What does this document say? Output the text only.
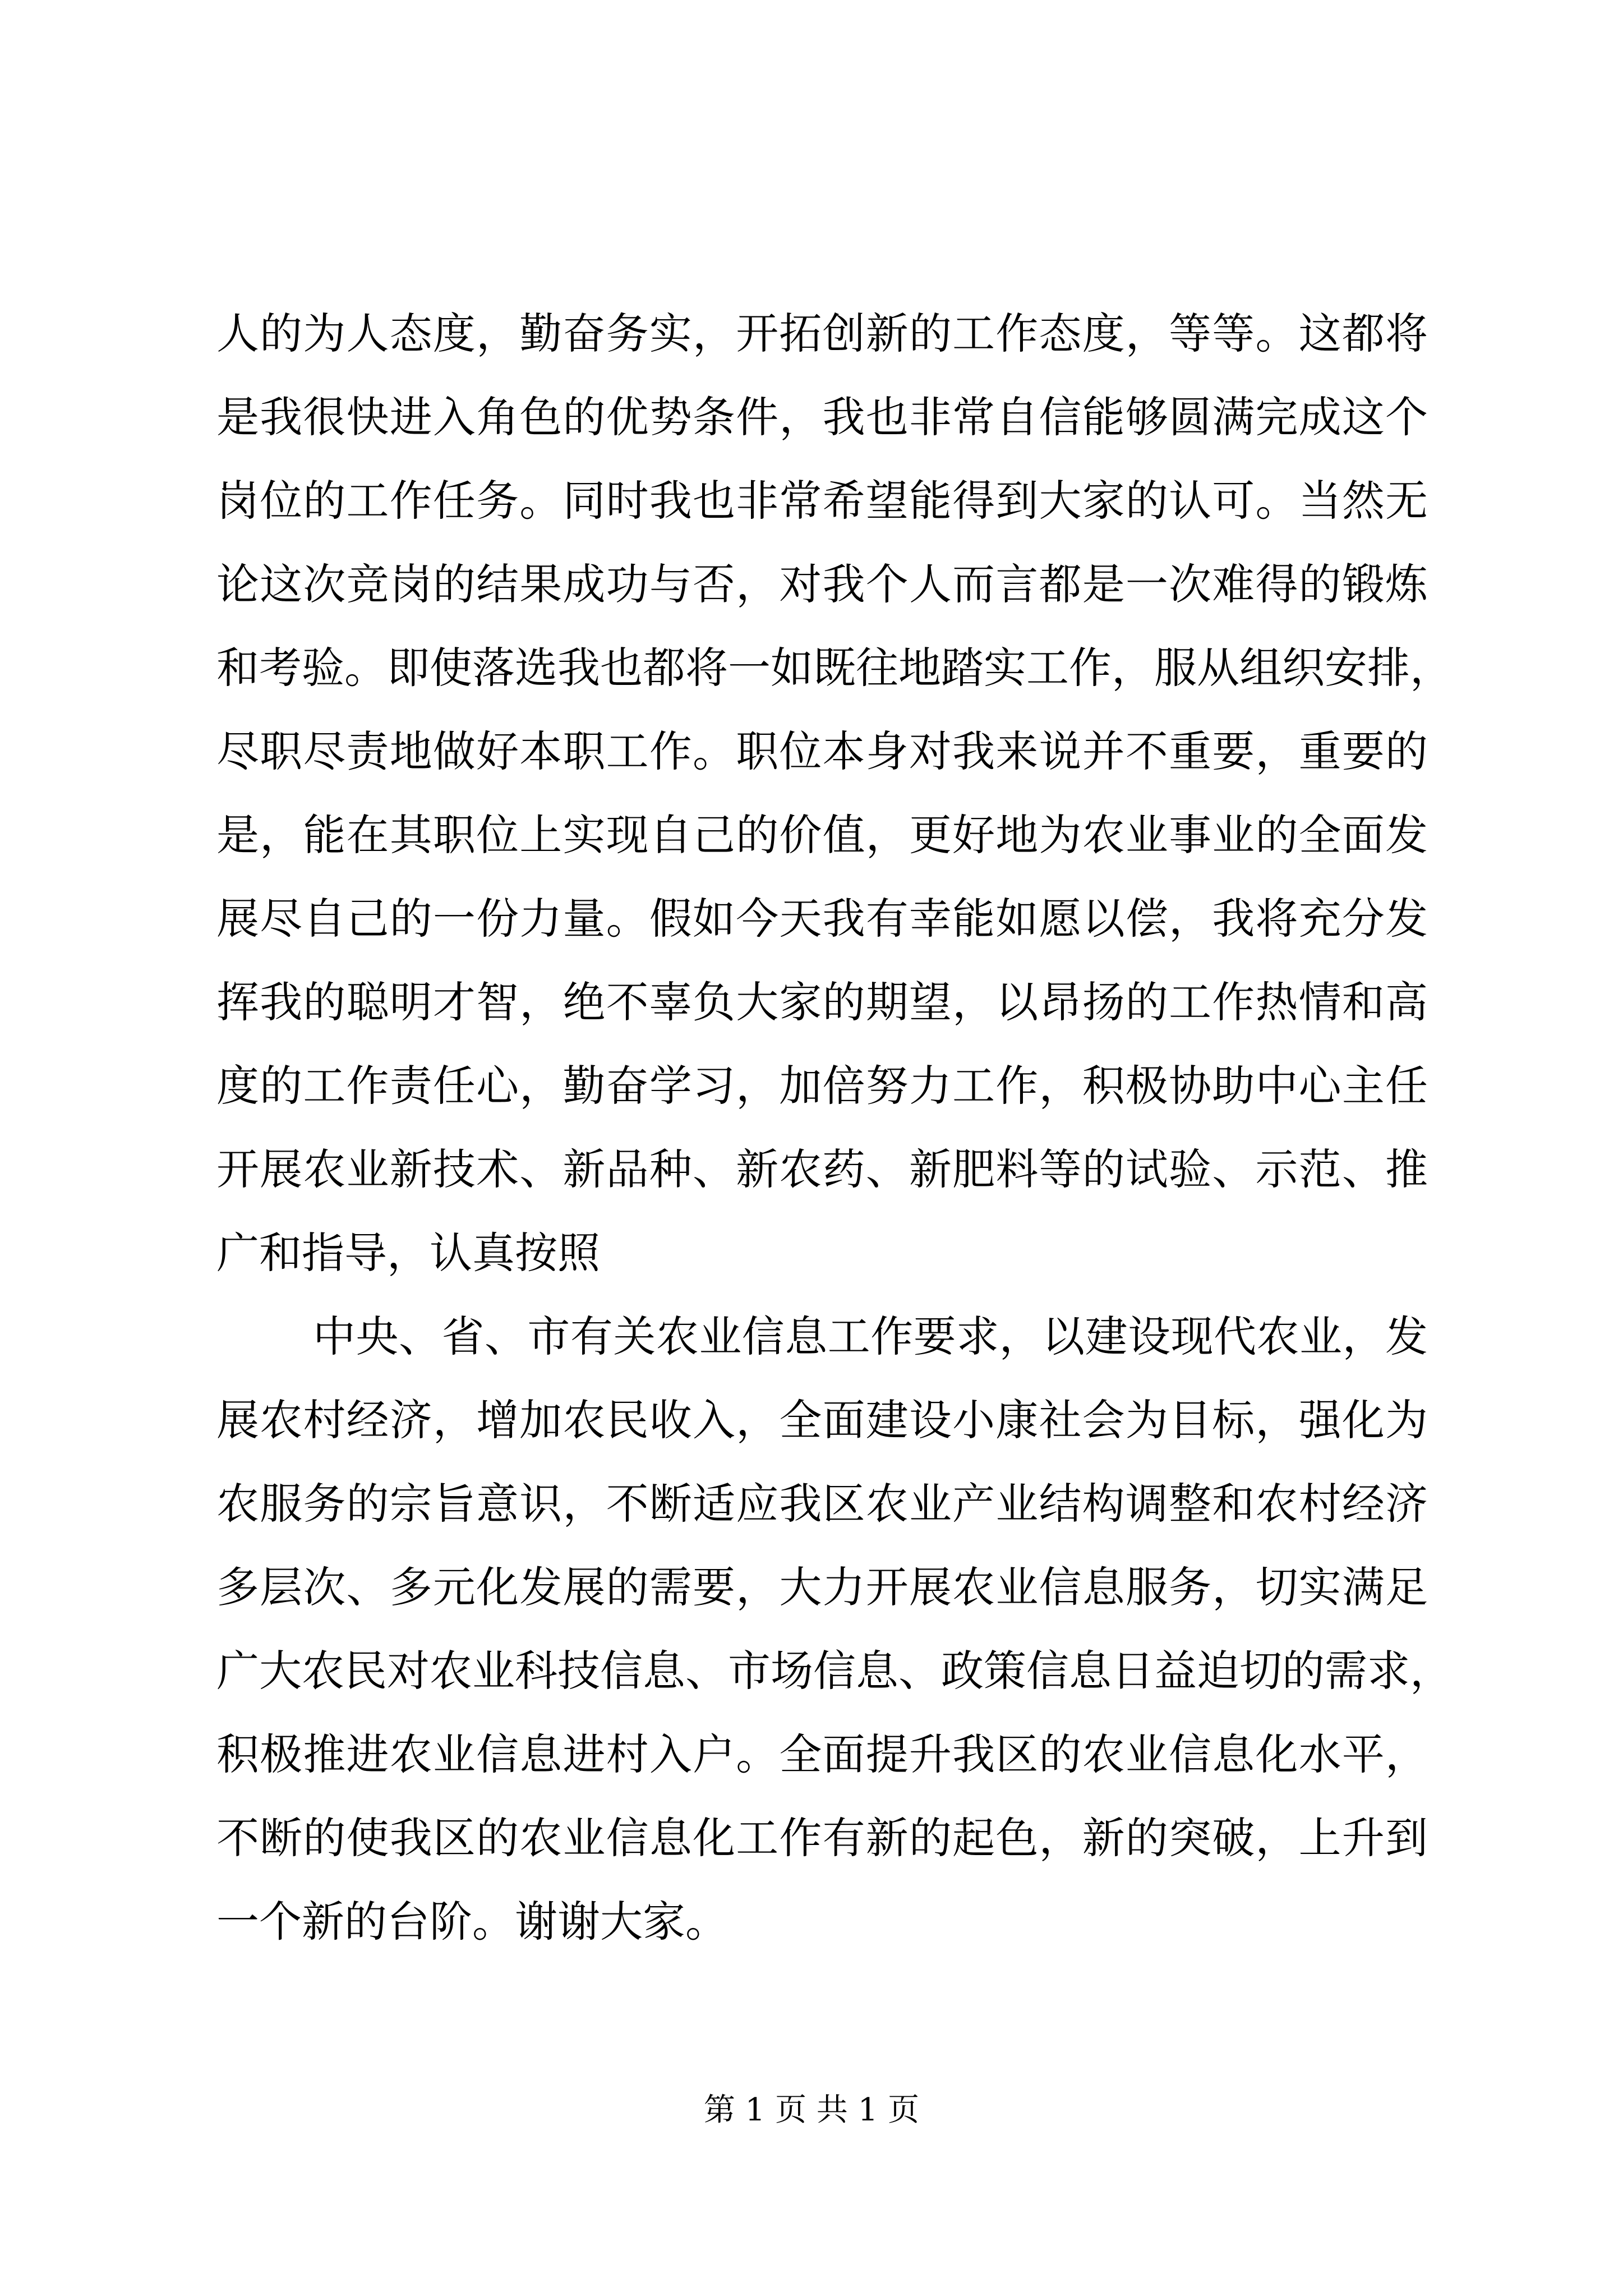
人的为人态度，勤奋务实，开拓创新的工作态度，等等。这都将
是我很快进入角色的优势条件，我也非常自信能够圆满完成这个
岗位的工作任务。同时我也非常希望能得到大家的认可。当然无
论这次竞岗的结果成功与否，对我个人而言都是一次难得的锻炼
和考验。即使落选我也都将一如既往地踏实工作，服从组织安排，
尽职尽责地做好本职工作。职位本身对我来说并不重要，重要的
是，能在其职位上实现自己的价值，更好地为农业事业的全面发
展尽自己的一份力量。假如今天我有幸能如愿以偿，我将充分发
挥我的聪明才智，绝不辜负大家的期望，以昂扬的工作热情和高
度的工作责任心，勤奋学习，加倍努力工作，积极协助中心主任
开展农业新技术、新品种、新农药、新肥料等的试验、示范、推
广和指导，认真按照
中央、省、市有关农业信息工作要求，以建设现代农业，发
展农村经济，增加农民收入，全面建设小康社会为目标，强化为
农服务的宗旨意识，不断适应我区农业产业结构调整和农村经济
多层次、多元化发展的需要，大力开展农业信息服务，切实满足
广大农民对农业科技信息、市场信息、政策信息日益迫切的需求，
积极推进农业信息进村入户。全面提升我区的农业信息化水平，
不断的使我区的农业信息化工作有新的起色，新的突破，上升到
一个新的台阶。谢谢大家。
第 1 页 共 1 页
